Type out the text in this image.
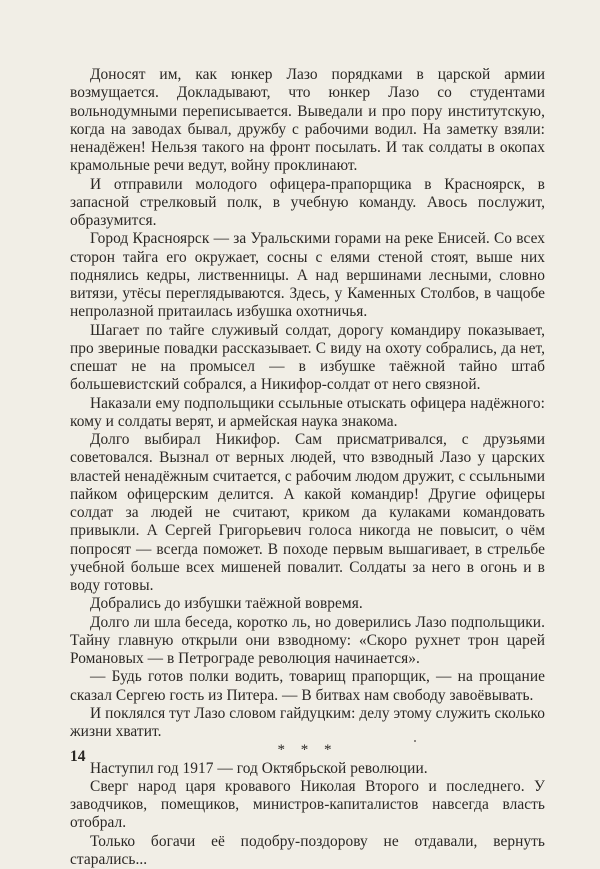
Доносят им, как юнкер Лазо порядками в царской армии возмущается. Докладывают, что юнкер Лазо со студентами вольнодумными переписывается. Выведали и про пору институтскую, когда на заводах бывал, дружбу с рабочими водил. На заметку взяли: ненадёжен! Нельзя такого на фронт посылать. И так солдаты в окопах крамольные речи ведут, войну проклинают.

И отправили молодого офицера-прапорщика в Красноярск, в запасной стрелковый полк, в учебную команду. Авось послужит, образумится.

Город Красноярск — за Уральскими горами на реке Енисей. Со всех сторон тайга его окружает, сосны с елями стеной стоят, выше них поднялись кедры, лиственницы. А над вершинами лесными, словно витязи, утёсы переглядываются. Здесь, у Каменных Столбов, в чащобе непролазной притаилась избушка охотничья.

Шагает по тайге служивый солдат, дорогу командиру показывает, про звериные повадки рассказывает. С виду на охоту собрались, да нет, спешат не на промысел — в избушке таёжной тайно штаб большевистский собрался, а Никифор-солдат от него связной.

Наказали ему подпольщики ссыльные отыскать офицера надёжного: кому и солдаты верят, и армейская наука знакома.

Долго выбирал Никифор. Сам присматривался, с друзьями советовался. Вызнал от верных людей, что взводный Лазо у царских властей ненадёжным считается, с рабочим людом дружит, с ссыльными пайком офицерским делится. А какой командир! Другие офицеры солдат за людей не считают, криком да кулаками командовать привыкли. А Сергей Григорьевич голоса никогда не повысит, о чём попросят — всегда поможет. В походе первым вышагивает, в стрельбе учебной больше всех мишеней повалит. Солдаты за него в огонь и в воду готовы.

Добрались до избушки таёжной вовремя.

Долго ли шла беседа, коротко ль, но доверились Лазо подпольщики. Тайну главную открыли они взводному: «Скоро рухнет трон царей Романовых — в Петрограде революция начинается».

— Будь готов полки водить, товарищ прапорщик, — на прощание сказал Сергею гость из Питера. — В битвах нам свободу завоёвывать.

И поклялся тут Лазо словом гайдуцким: делу этому служить сколько жизни хватит.

* * *

Наступил год 1917 — год Октябрьской революции.

Сверг народ царя кровавого Николая Второго и последнего. У заводчиков, помещиков, министров-капиталистов навсегда власть отобрал.

Только богачи её подобру-поздорову не отдавали, вернуть старались...

14
